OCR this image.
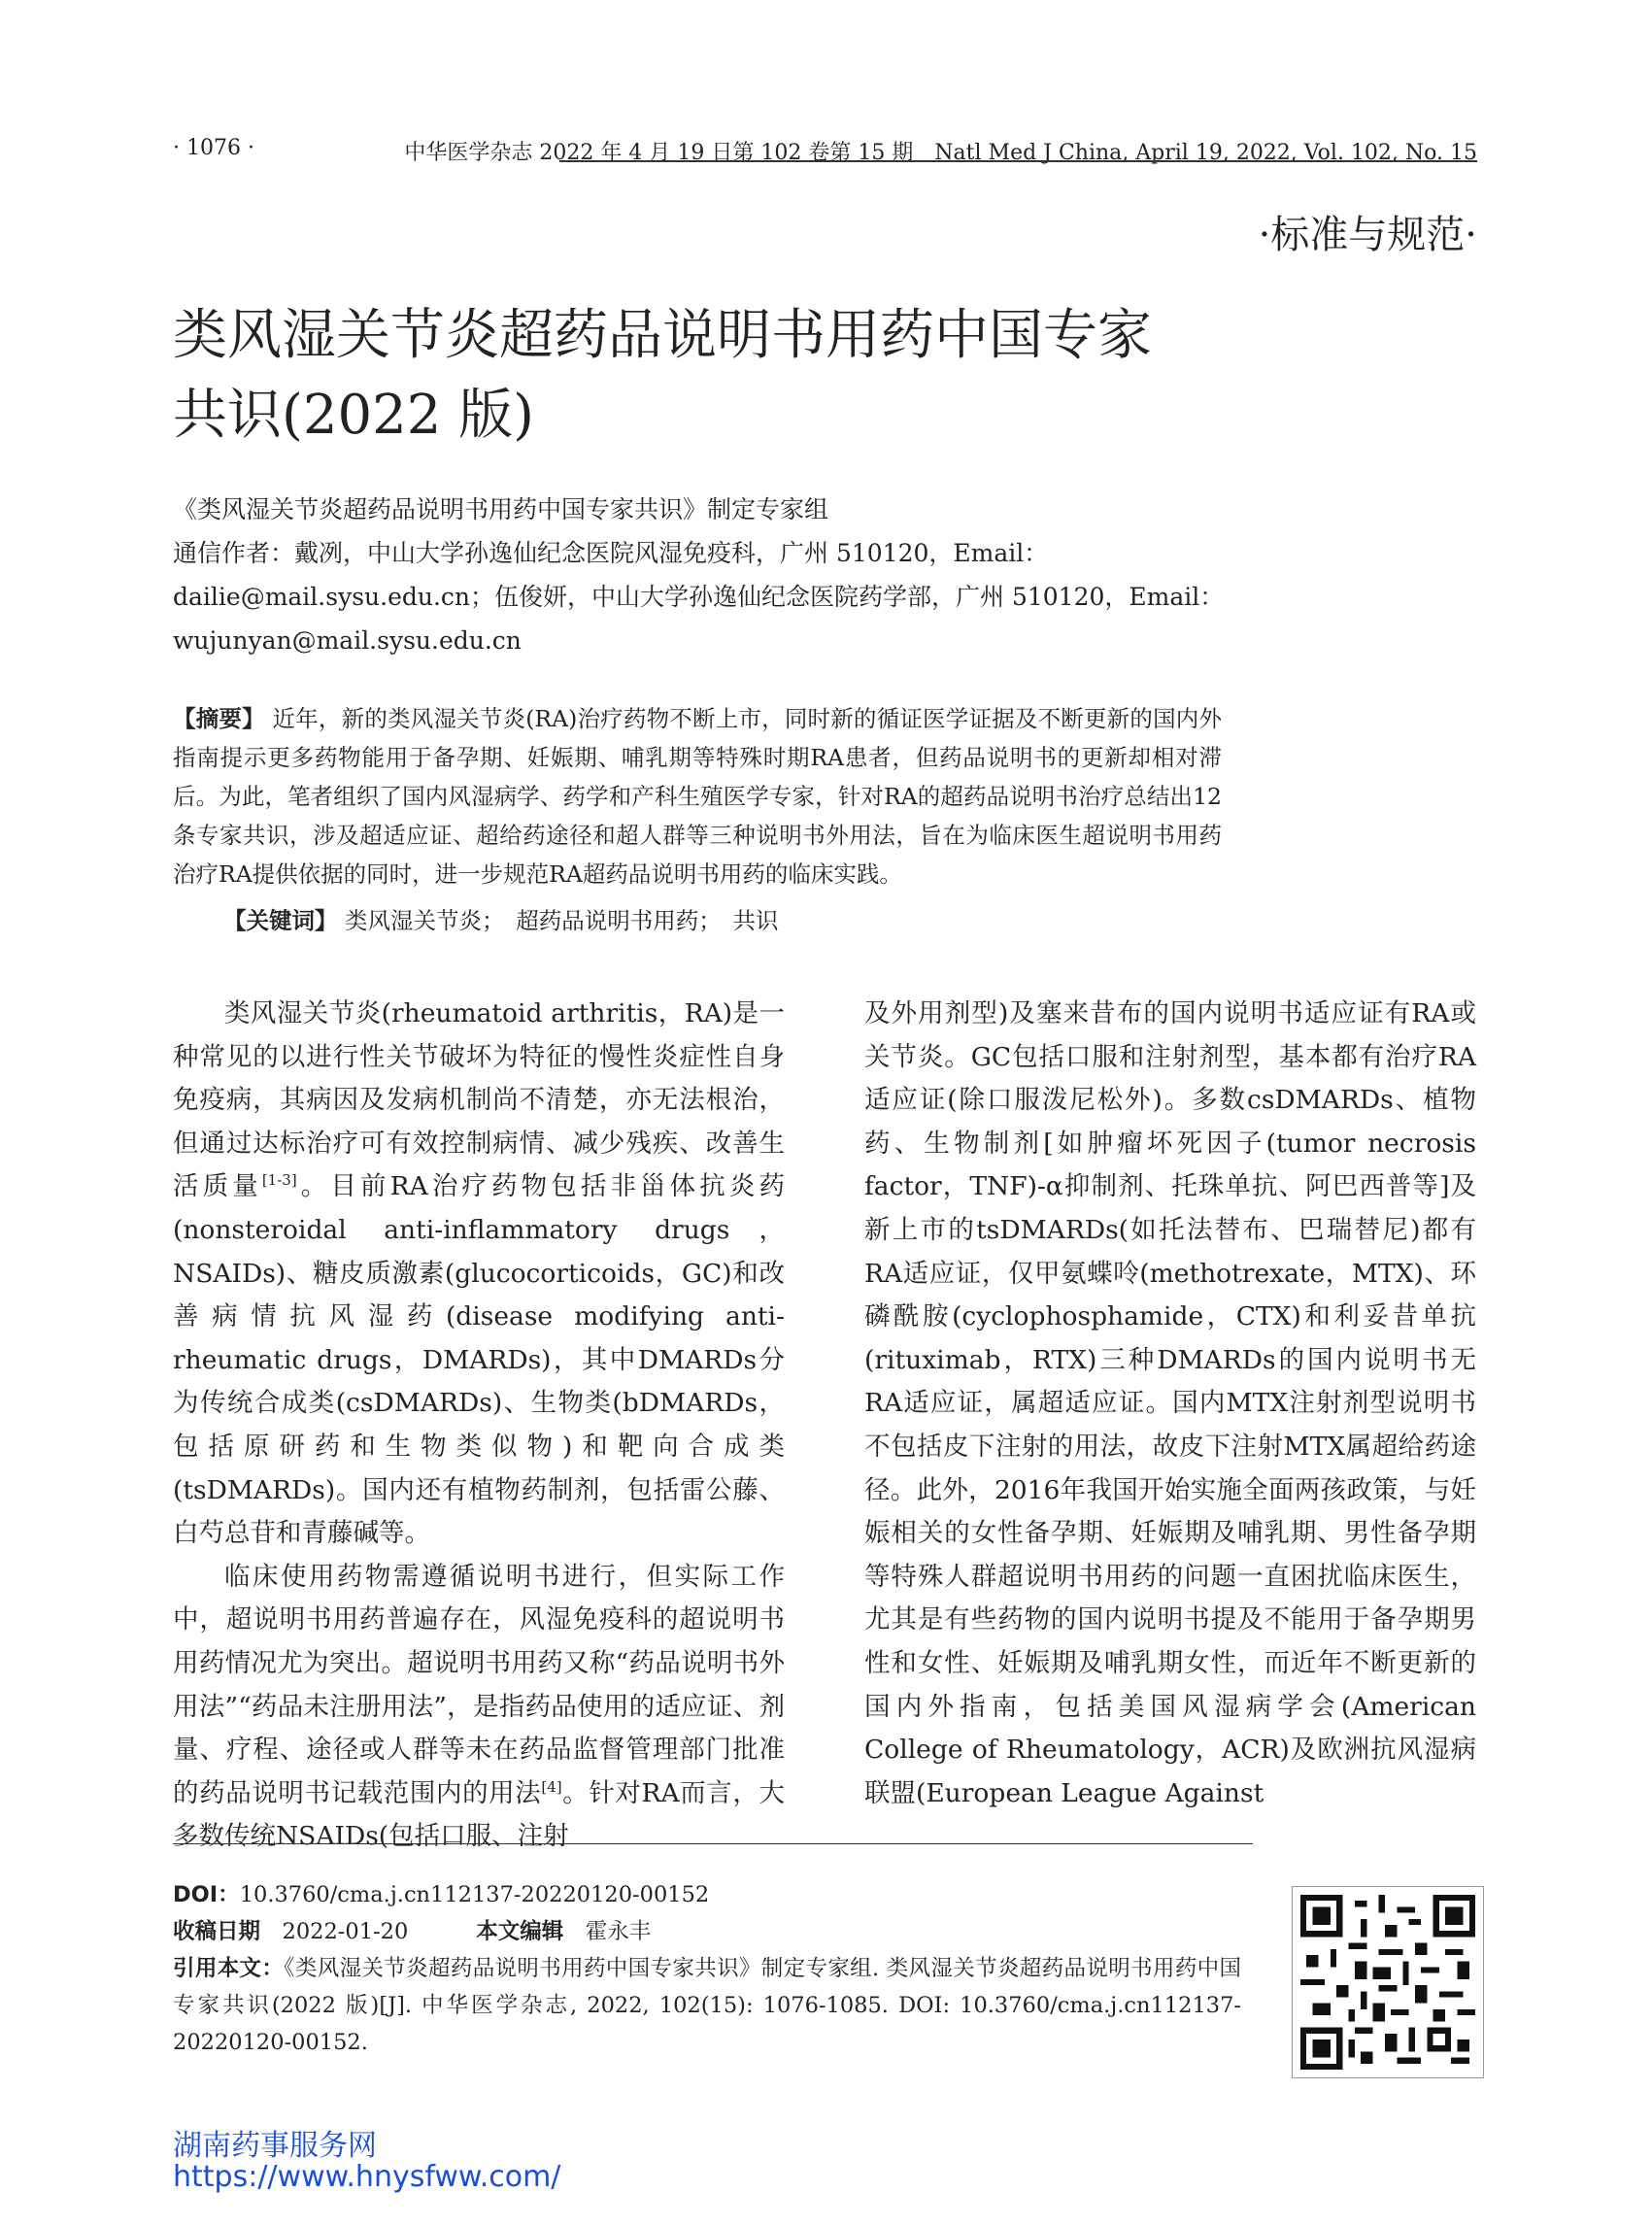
· 1076 ·	中华医学杂志 2022 年 4 月 19 日第 102 卷第 15 期　Natl Med J China, April 19, 2022, Vol. 102, No. 15
·标准与规范·
类风湿关节炎超药品说明书用药中国专家
共识(2022 版)
《类风湿关节炎超药品说明书用药中国专家共识》制定专家组
通信作者：戴冽，中山大学孙逸仙纪念医院风湿免疫科，广州 510120，Email：
dailie@mail.sysu.edu.cn；伍俊妍，中山大学孙逸仙纪念医院药学部，广州 510120，Email：
wujunyan@mail.sysu.edu.cn
【摘要】 近年，新的类风湿关节炎(RA)治疗药物不断上市，同时新的循证医学证据及不断更新的国内外指南提示更多药物能用于备孕期、妊娠期、哺乳期等特殊时期RA患者，但药品说明书的更新却相对滞后。为此，笔者组织了国内风湿病学、药学和产科生殖医学专家，针对RA的超药品说明书治疗总结出12条专家共识，涉及超适应证、超给药途径和超人群等三种说明书外用法，旨在为临床医生超说明书用药治疗RA提供依据的同时，进一步规范RA超药品说明书用药的临床实践。
【关键词】 类风湿关节炎；　超药品说明书用药；　共识

类风湿关节炎(rheumatoid arthritis，RA)是一种常见的以进行性关节破坏为特征的慢性炎症性自身免疫病，其病因及发病机制尚不清楚，亦无法根治，但通过达标治疗可有效控制病情、减少残疾、改善生活质量[1-3]。目前RA治疗药物包括非甾体抗炎药(nonsteroidal anti-inflammatory drugs，NSAIDs)、糖皮质激素(glucocorticoids，GC)和改善病情抗风湿药(disease modifying anti-rheumatic drugs，DMARDs)，其中DMARDs分为传统合成类(csDMARDs)、生物类(bDMARDs，包括原研药和生物类似物)和靶向合成类(tsDMARDs)。国内还有植物药制剂，包括雷公藤、白芍总苷和青藤碱等。

临床使用药物需遵循说明书进行，但实际工作中，超说明书用药普遍存在，风湿免疫科的超说明书用药情况尤为突出。超说明书用药又称“药品说明书外用法”“药品未注册用法”，是指药品使用的适应证、剂量、疗程、途径或人群等未在药品监督管理部门批准的药品说明书记载范围内的用法[4]。针对RA而言，大多数传统NSAIDs(包括口服、注射

及外用剂型)及塞来昔布的国内说明书适应证有RA或关节炎。GC包括口服和注射剂型，基本都有治疗RA适应证(除口服泼尼松外)。多数csDMARDs、植物药、生物制剂[如肿瘤坏死因子(tumor necrosis factor，TNF)-α抑制剂、托珠单抗、阿巴西普等]及新上市的tsDMARDs(如托法替布、巴瑞替尼)都有RA适应证，仅甲氨蝶呤(methotrexate，MTX)、环磷酰胺(cyclophosphamide，CTX)和利妥昔单抗(rituximab，RTX)三种DMARDs的国内说明书无RA适应证，属超适应证。国内MTX注射剂型说明书不包括皮下注射的用法，故皮下注射MTX属超给药途径。此外，2016年我国开始实施全面两孩政策，与妊娠相关的女性备孕期、妊娠期及哺乳期、男性备孕期等特殊人群超说明书用药的问题一直困扰临床医生，尤其是有些药物的国内说明书提及不能用于备孕期男性和女性、妊娠期及哺乳期女性，而近年不断更新的国内外指南，包括美国风湿病学会(American College of Rheumatology，ACR)及欧洲抗风湿病联盟(European League Against

DOI：10.3760/cma.j.cn112137-20220120-00152
收稿日期　 2022-01-20	本文编辑　 霍永丰
引用本文：《类风湿关节炎超药品说明书用药中国专家共识》制定专家组. 类风湿关节炎超药品说明书用药中国专家共识(2022 版)[J]. 中华医学杂志, 2022, 102(15): 1076-1085. DOI: 10.3760/cma.j.cn112137-20220120-00152.
湖南药事服务网
https://www.hnysfww.com/
